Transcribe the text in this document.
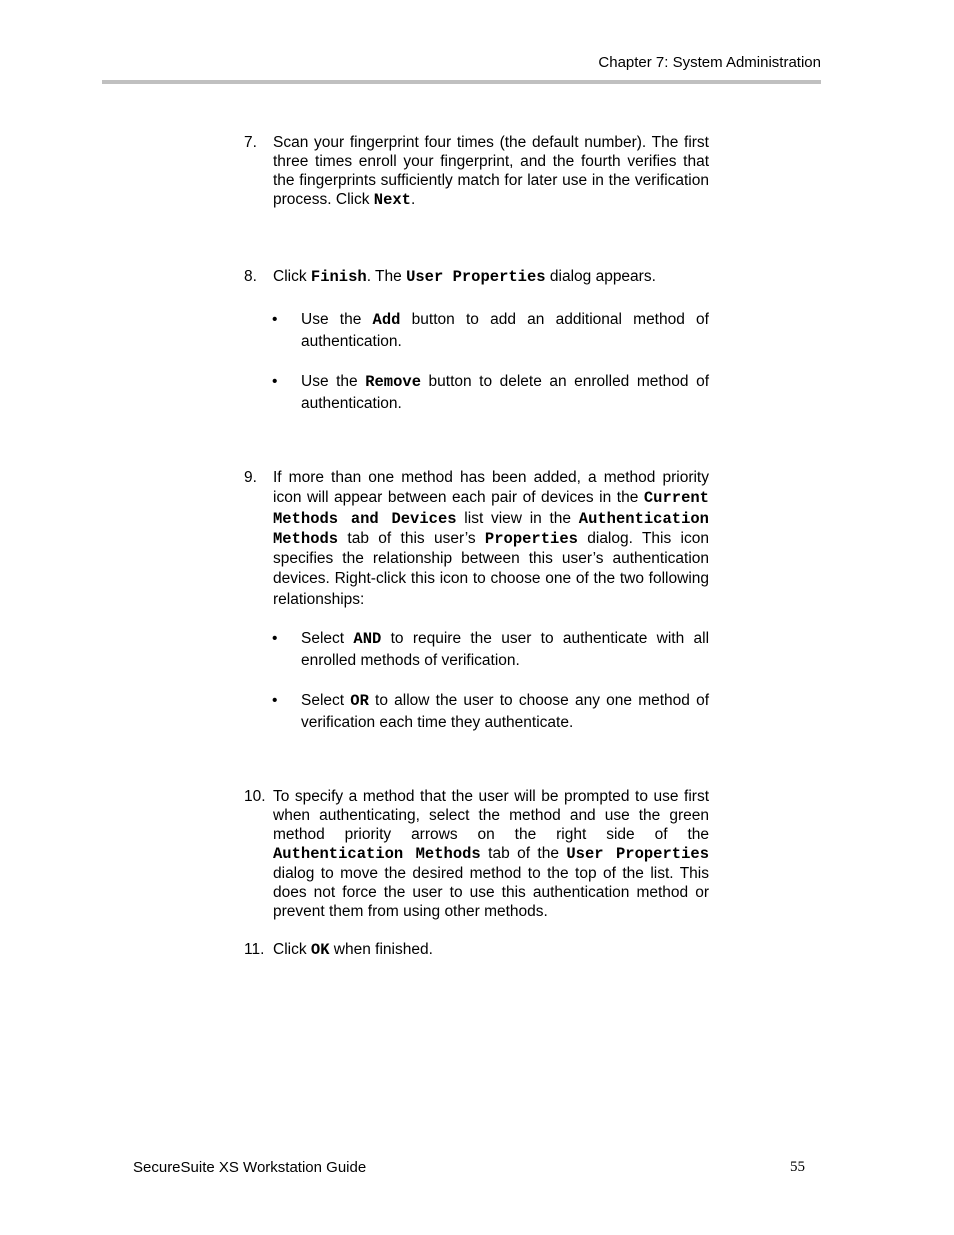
Chapter 7: System Administration
7. Scan your fingerprint four times (the default number). The first three times enroll your fingerprint, and the fourth verifies that the fingerprints sufficiently match for later use in the verification process. Click Next.
8. Click Finish. The User Properties dialog appears.
• Use the Add button to add an additional method of authentication.
• Use the Remove button to delete an enrolled method of authentication.
9. If more than one method has been added, a method priority icon will appear between each pair of devices in the Current Methods and Devices list view in the Authentication Methods tab of this user’s Properties dialog. This icon specifies the relationship between this user’s authentication devices. Right-click this icon to choose one of the two following relationships:
• Select AND to require the user to authenticate with all enrolled methods of verification.
• Select OR to allow the user to choose any one method of verification each time they authenticate.
10. To specify a method that the user will be prompted to use first when authenticating, select the method and use the green method priority arrows on the right side of the Authentication Methods tab of the User Properties dialog to move the desired method to the top of the list. This does not force the user to use this authentication method or prevent them from using other methods.
11. Click OK when finished.
SecureSuite XS Workstation Guide	55
